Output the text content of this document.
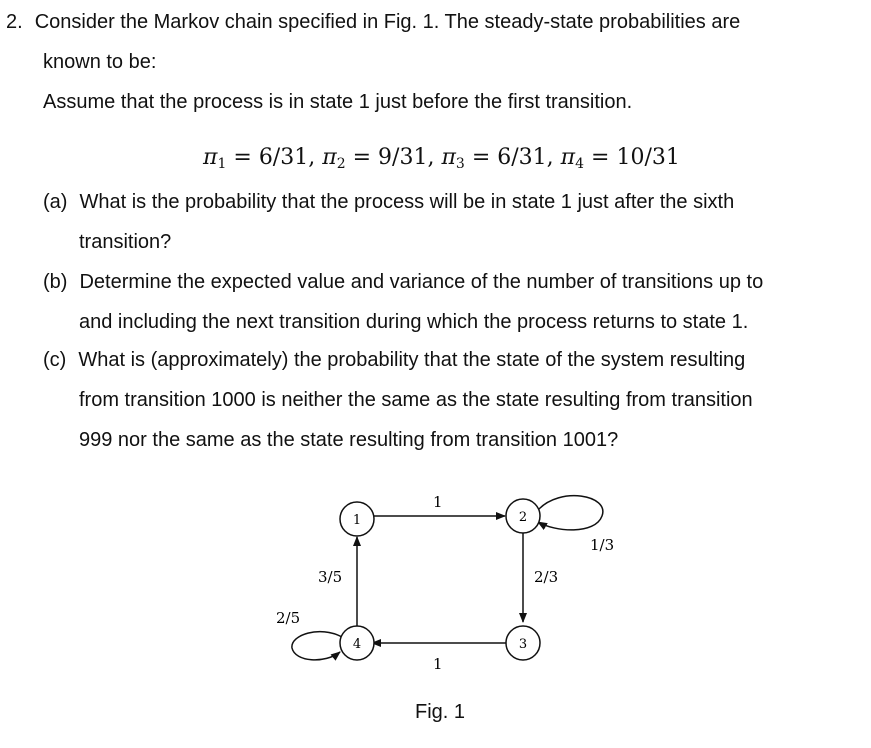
2. Consider the Markov chain specified in Fig. 1. The steady-state probabilities are
known to be:
Assume that the process is in state 1 just before the first transition.
$\pi_1 = 6/31$, $\pi_2 = 9/31$, $\pi_3 = 6/31$, $\pi_4 = 10/31$
(a) What is the probability that the process will be in state 1 just after the sixth
transition?
(b) Determine the expected value and variance of the number of transitions up to
and including the next transition during which the process returns to state 1.
(c) What is (approximately) the probability that the state of the system resulting
from transition 1000 is neither the same as the state resulting from transition
999 nor the same as the state resulting from transition 1001?
1
1/3
2/3
1
3/5
2/5
1	2
3
4
Fig. 1
